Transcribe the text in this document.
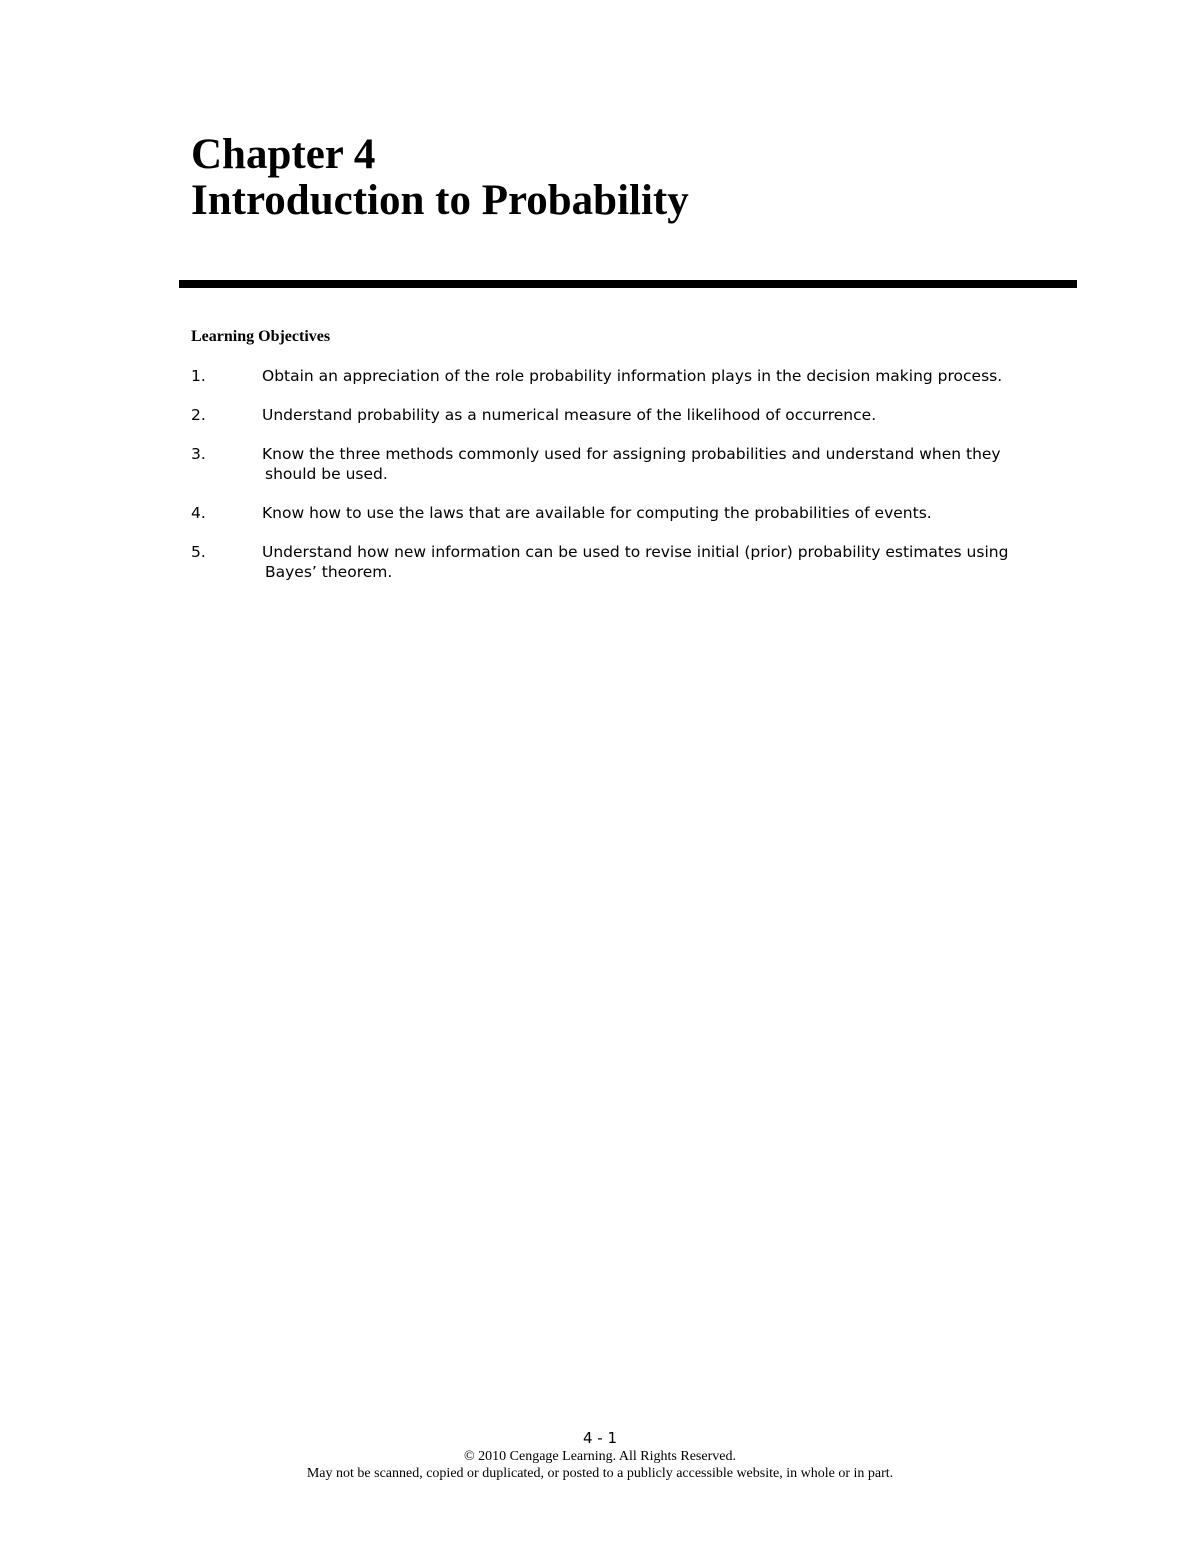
Chapter 4
Introduction to Probability
Learning Objectives
1.	Obtain an appreciation of the role probability information plays in the decision making process.
2.	Understand probability as a numerical measure of the likelihood of occurrence.
3.	Know the three methods commonly used for assigning probabilities and understand when they
should be used.
4.	Know how to use the laws that are available for computing the probabilities of events.
5.	Understand how new information can be used to revise initial (prior) probability estimates using
Bayes’ theorem.
4 - 1
© 2010 Cengage Learning. All Rights Reserved.
May not be scanned, copied or duplicated, or posted to a publicly accessible website, in whole or in part.
